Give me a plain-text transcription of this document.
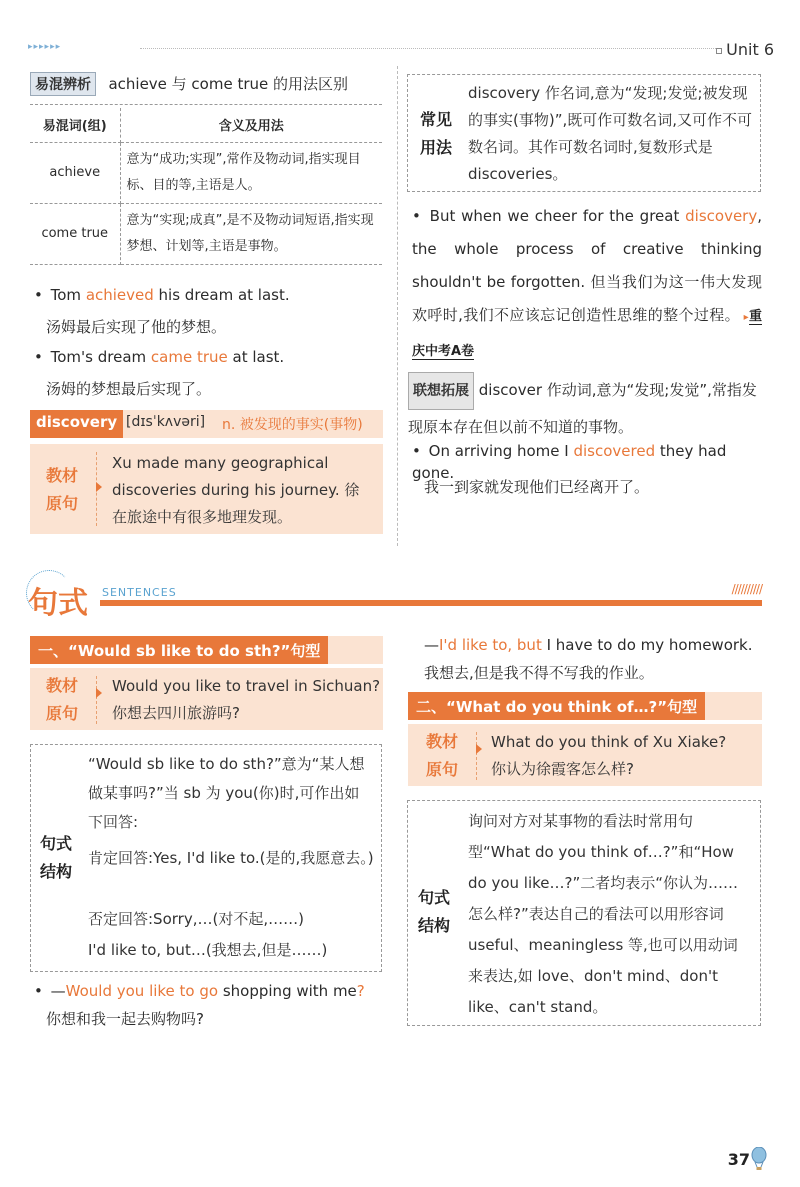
▸▸▸▸▸▸	Unit 6
易混辨析 achieve 与 come true 的用法区别
易混词(组)	含义及用法
achieve	意为“成功;实现”,常作及物动词,指实现目标、目的等,主语是人。
come true	意为“实现;成真”,是不及物动词短语,指实现梦想、计划等,主语是事物。
• Tom achieved his dream at last.
汤姆最后实现了他的梦想。
• Tom's dream came true at last.
汤姆的梦想最后实现了。
discovery [dɪsˈkʌvəri] n. 被发现的事实(事物)
教材原句
Xu made many geographical discoveries during his journey. 徐在旅途中有很多地理发现。
常见用法
discovery 作名词,意为“发现;发觉;被发现的事实(事物)”,既可作可数名词,又可作不可数名词。其作可数名词时,复数形式是 discoveries。
• But when we cheer for the great discovery, the whole process of creative thinking shouldn't be forgotten. 但当我们为这一伟大发现欢呼时,我们不应该忘记创造性思维的整个过程。 ▸重庆中考A卷
联想拓展 discover 作动词,意为“发现;发觉”,常指发现原本存在但以前不知道的事物。
• On arriving home I discovered they had gone.
我一到家就发现他们已经离开了。
句式 SENTENCES	//////////
一、“Would sb like to do sth?”句型
教材原句
Would you like to travel in Sichuan?
你想去四川旅游吗?
句式结构
“Would sb like to do sth?”意为“某人想做某事吗?”当 sb 为 you(你)时,可作出如下回答:
肯定回答:Yes, I'd like to.(是的,我愿意去。)
否定回答:Sorry,…(对不起,……)
I'd like to, but…(我想去,但是……)
• —Would you like to go shopping with me?
你想和我一起去购物吗?
—I'd like to, but I have to do my homework.
我想去,但是我不得不写我的作业。
二、“What do you think of…?”句型
教材原句
What do you think of Xu Xiake?
你认为徐霞客怎么样?
句式结构
询问对方对某事物的看法时常用句型“What do you think of…?”和“How do you like…?”二者均表示“你认为……怎么样?”表达自己的看法可以用形容词 useful、meaningless 等,也可以用动词来表达,如 love、don't mind、don't like、can't stand。
37
